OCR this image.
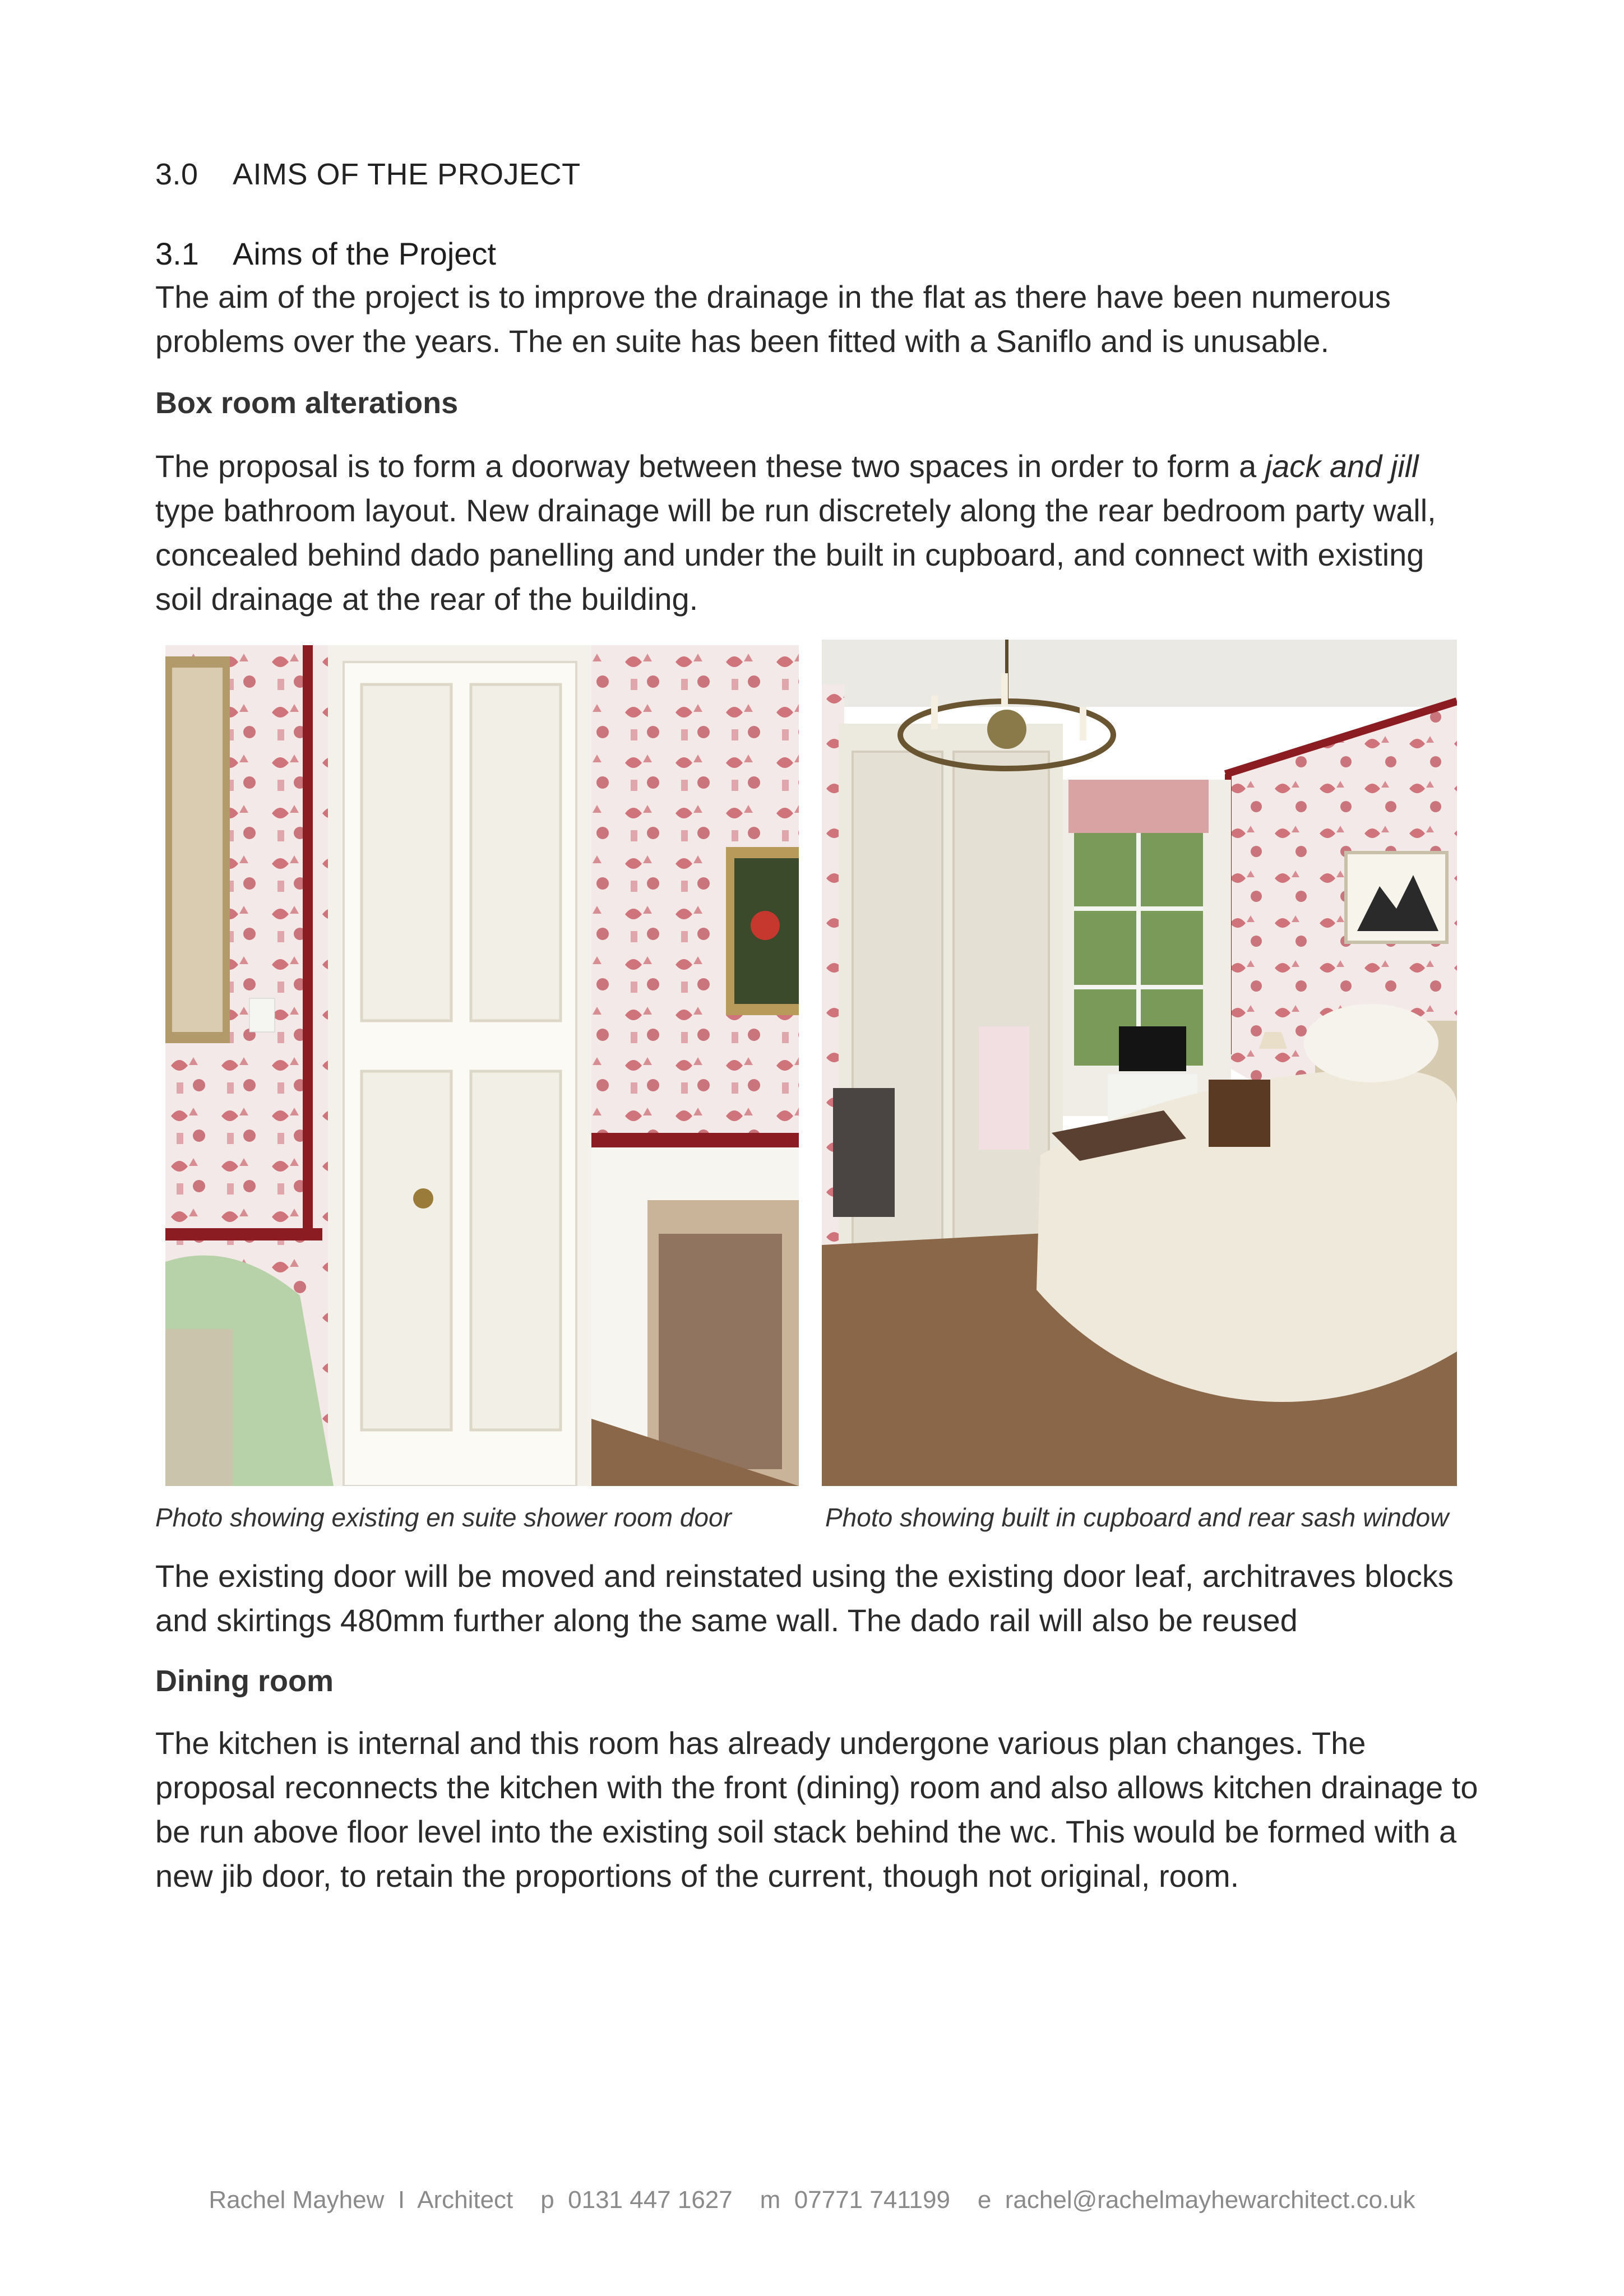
3.0 AIMS OF THE PROJECT
3.1 Aims of the Project
The aim of the project is to improve the drainage in the flat as there have been numerous problems over the years. The en suite has been fitted with a Saniflo and is unusable.
Box room alterations
The proposal is to form a doorway between these two spaces in order to form a jack and jill type bathroom layout. New drainage will be run discretely along the rear bedroom party wall, concealed behind dado panelling and under the built in cupboard, and connect with existing soil drainage at the rear of the building.
Photo showing existing en suite shower room door	Photo showing built in cupboard and rear sash window
The existing door will be moved and reinstated using the existing door leaf, architraves blocks and skirtings 480mm further along the same wall. The dado rail will also be reused
Dining room
The kitchen is internal and this room has already undergone various plan changes. The proposal reconnects the kitchen with the front (dining) room and also allows kitchen drainage to be run above floor level into the existing soil stack behind the wc. This would be formed with a new jib door, to retain the proportions of the current, though not original, room.
Rachel Mayhew I Architect p 0131 447 1627 m 07771 741199 e rachel@rachelmayhewarchitect.co.uk
